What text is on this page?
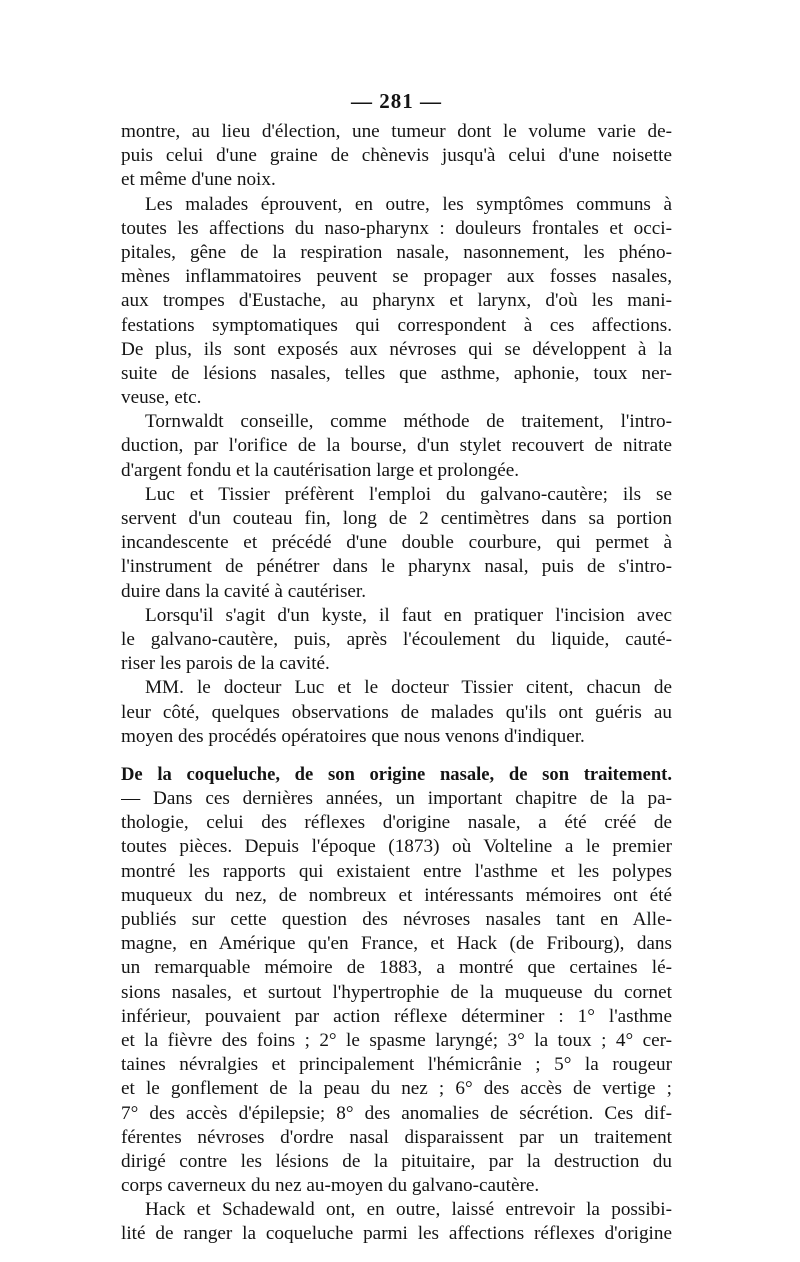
— 281 —
montre, au lieu d'élection, une tumeur dont le volume varie de-
puis celui d'une graine de chènevis jusqu'à celui d'une noisette
et même d'une noix.
Les malades éprouvent, en outre, les symptômes communs à
toutes les affections du naso-pharynx : douleurs frontales et occi-
pitales, gêne de la respiration nasale, nasonnement, les phéno-
mènes inflammatoires peuvent se propager aux fosses nasales,
aux trompes d'Eustache, au pharynx et larynx, d'où les mani-
festations symptomatiques qui correspondent à ces affections.
De plus, ils sont exposés aux névroses qui se développent à la
suite de lésions nasales, telles que asthme, aphonie, toux ner-
veuse, etc.
Tornwaldt conseille, comme méthode de traitement, l'intro-
duction, par l'orifice de la bourse, d'un stylet recouvert de nitrate
d'argent fondu et la cautérisation large et prolongée.
Luc et Tissier préfèrent l'emploi du galvano-cautère; ils se
servent d'un couteau fin, long de 2 centimètres dans sa portion
incandescente et précédé d'une double courbure, qui permet à
l'instrument de pénétrer dans le pharynx nasal, puis de s'intro-
duire dans la cavité à cautériser.
Lorsqu'il s'agit d'un kyste, il faut en pratiquer l'incision avec
le galvano-cautère, puis, après l'écoulement du liquide, cauté-
riser les parois de la cavité.
MM. le docteur Luc et le docteur Tissier citent, chacun de
leur côté, quelques observations de malades qu'ils ont guéris au
moyen des procédés opératoires que nous venons d'indiquer.
De la coqueluche, de son origine nasale, de son traitement.
— Dans ces dernières années, un important chapitre de la pa-
thologie, celui des réflexes d'origine nasale, a été créé de
toutes pièces. Depuis l'époque (1873) où Volteline a le premier
montré les rapports qui existaient entre l'asthme et les polypes
muqueux du nez, de nombreux et intéressants mémoires ont été
publiés sur cette question des névroses nasales tant en Alle-
magne, en Amérique qu'en France, et Hack (de Fribourg), dans
un remarquable mémoire de 1883, a montré que certaines lé-
sions nasales, et surtout l'hypertrophie de la muqueuse du cornet
inférieur, pouvaient par action réflexe déterminer : 1° l'asthme
et la fièvre des foins ; 2° le spasme laryngé; 3° la toux ; 4° cer-
taines névralgies et principalement l'hémicrânie ; 5° la rougeur
et le gonflement de la peau du nez ; 6° des accès de vertige ;
7° des accès d'épilepsie; 8° des anomalies de sécrétion. Ces dif-
férentes névroses d'ordre nasal disparaissent par un traitement
dirigé contre les lésions de la pituitaire, par la destruction du
corps caverneux du nez au-moyen du galvano-cautère.
Hack et Schadewald ont, en outre, laissé entrevoir la possibi-
lité de ranger la coqueluche parmi les affections réflexes d'origine
